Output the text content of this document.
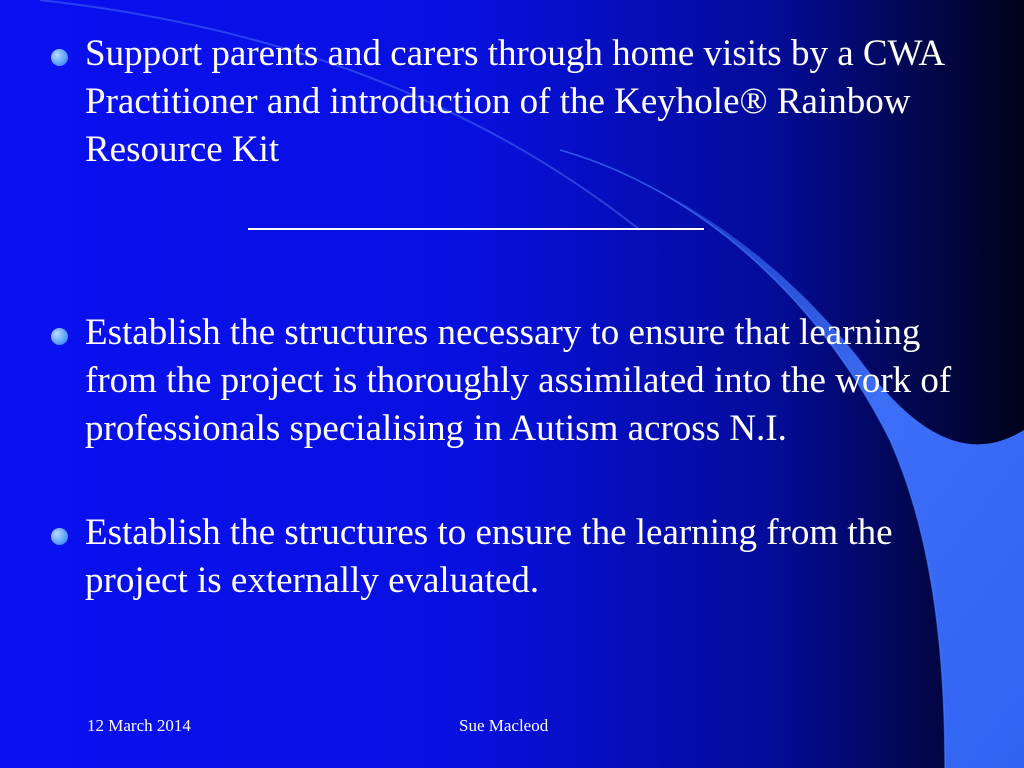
Support parents and carers through home visits by a CWA Practitioner and introduction of the Keyhole® Rainbow Resource Kit
Establish the structures necessary to ensure that learning from the project is thoroughly assimilated into the work of professionals specialising in Autism across N.I.
Establish the structures to ensure the learning from the project is externally evaluated.
12 March 2014	Sue Macleod
